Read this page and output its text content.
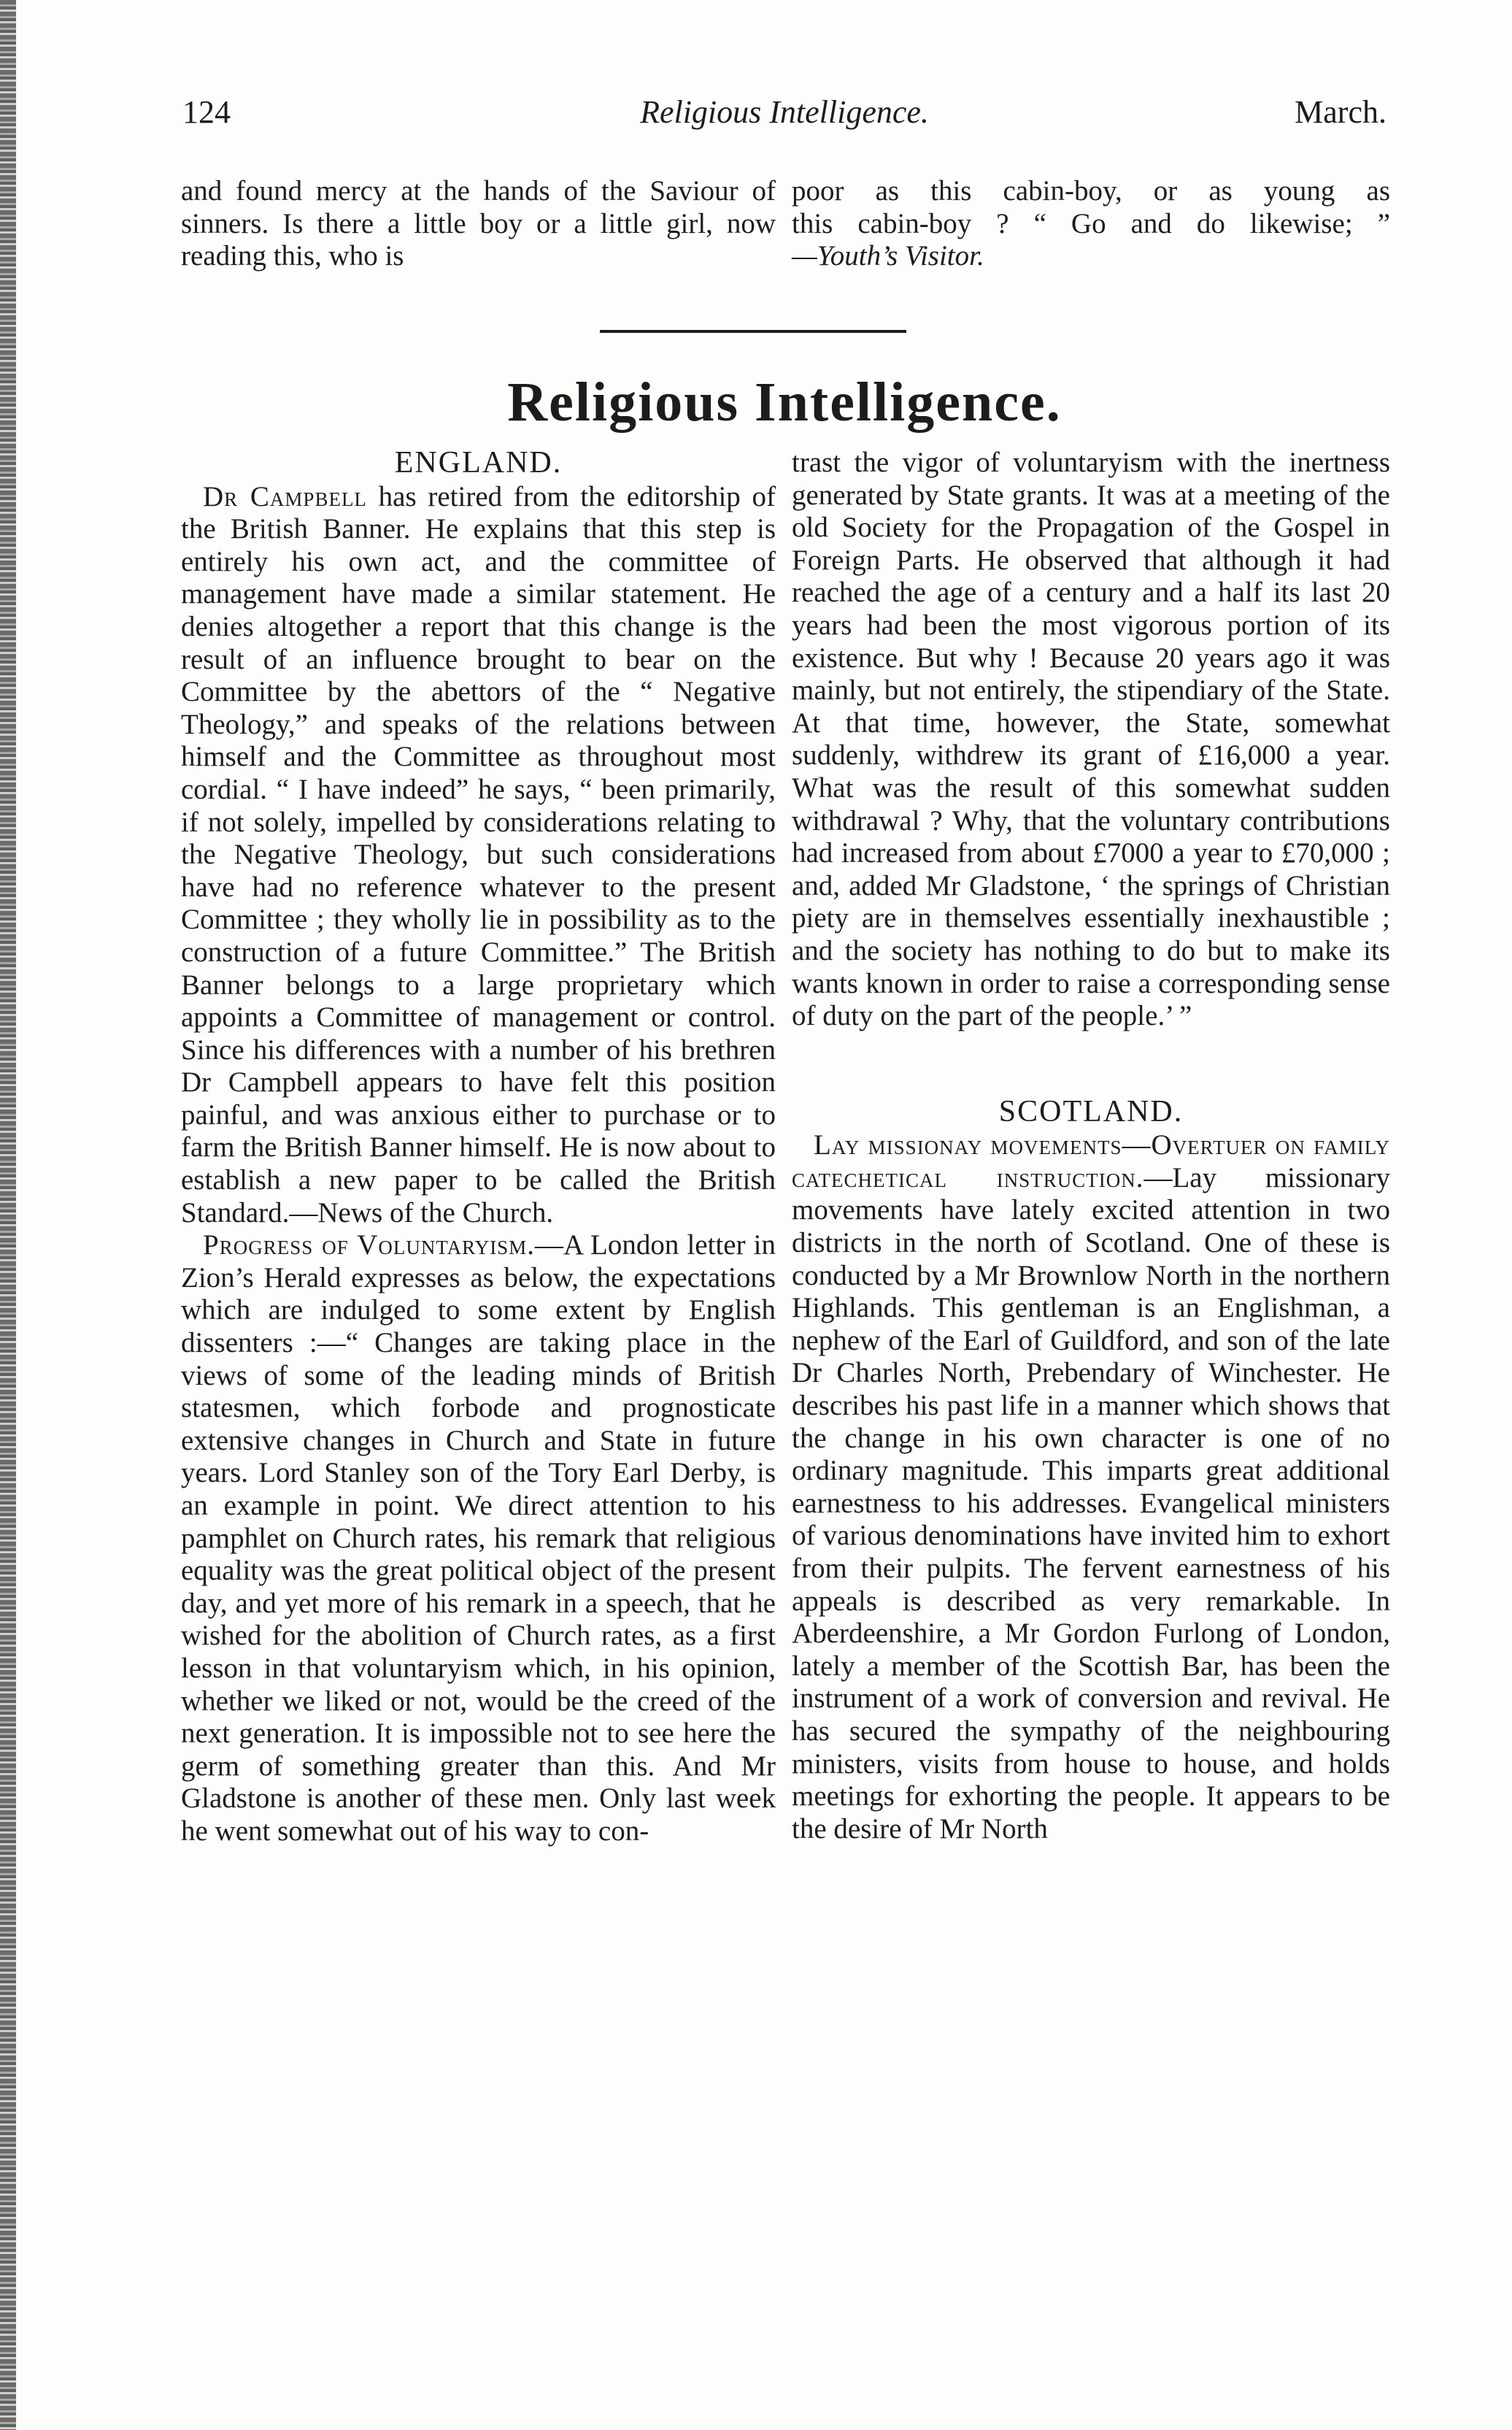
124	Religious Intelligence.	March.

and found mercy at the hands of the Saviour of sinners. Is there a little boy or a little girl, now reading this, who is

poor as this cabin-boy, or as young as
this cabin-boy ? “ Go and do likewise; ”
—Youth’s Visitor.
Religious Intelligence.
ENGLAND.

Dr Campbell has retired from the editorship of the British Banner. He explains that this step is entirely his own act, and the committee of management have made a similar statement. He denies altogether a report that this change is the result of an influence brought to bear on the Committee by the abettors of the “ Negative Theology,” and speaks of the relations between himself and the Committee as throughout most cordial. “ I have indeed” he says, “ been primarily, if not solely, impelled by considerations relating to the Negative Theology, but such considerations have had no reference whatever to the present Committee ; they wholly lie in possibility as to the construction of a future Committee.” The British Banner belongs to a large proprietary which appoints a Committee of management or control. Since his differences with a number of his brethren Dr Campbell appears to have felt this position painful, and was anxious either to purchase or to farm the British Banner himself. He is now about to establish a new paper to be called the British Standard.—News of the Church.

Progress of Voluntaryism.—A London letter in Zion’s Herald expresses as below, the expectations which are indulged to some extent by English dissenters :—“ Changes are taking place in the views of some of the leading minds of British statesmen, which forbode and prognosticate extensive changes in Church and State in future years. Lord Stanley son of the Tory Earl Derby, is an example in point. We direct attention to his pamphlet on Church rates, his remark that religious equality was the great political object of the present day, and yet more of his remark in a speech, that he wished for the abolition of Church rates, as a first lesson in that voluntaryism which, in his opinion, whether we liked or not, would be the creed of the next generation. It is impossible not to see here the germ of something greater than this. And Mr Gladstone is another of these men. Only last week he went somewhat out of his way to con-

trast the vigor of voluntaryism with the inertness generated by State grants. It was at a meeting of the old Society for the Propagation of the Gospel in Foreign Parts. He observed that although it had reached the age of a century and a half its last 20 years had been the most vigorous portion of its existence. But why ! Because 20 years ago it was mainly, but not entirely, the stipendiary of the State. At that time, however, the State, somewhat suddenly, withdrew its grant of £16,000 a year. What was the result of this somewhat sudden withdrawal ? Why, that the voluntary contributions had increased from about £7000 a year to £70,000 ; and, added Mr Gladstone, ‘ the springs of Christian piety are in themselves essentially inexhaustible ; and the society has nothing to do but to make its wants known in order to raise a corresponding sense of duty on the part of the people.’ ”

SCOTLAND.

Lay missionay movements—Overtuer on family catechetical instruction.—Lay missionary movements have lately excited attention in two districts in the north of Scotland. One of these is conducted by a Mr Brownlow North in the northern Highlands. This gentleman is an Englishman, a nephew of the Earl of Guildford, and son of the late Dr Charles North, Prebendary of Winchester. He describes his past life in a manner which shows that the change in his own character is one of no ordinary magnitude. This imparts great additional earnestness to his addresses. Evangelical ministers of various denominations have invited him to exhort from their pulpits. The fervent earnestness of his appeals is described as very remarkable. In Aberdeenshire, a Mr Gordon Furlong of London, lately a member of the Scottish Bar, has been the instrument of a work of conversion and revival. He has secured the sympathy of the neighbouring ministers, visits from house to house, and holds meetings for exhorting the people. It appears to be the desire of Mr North
